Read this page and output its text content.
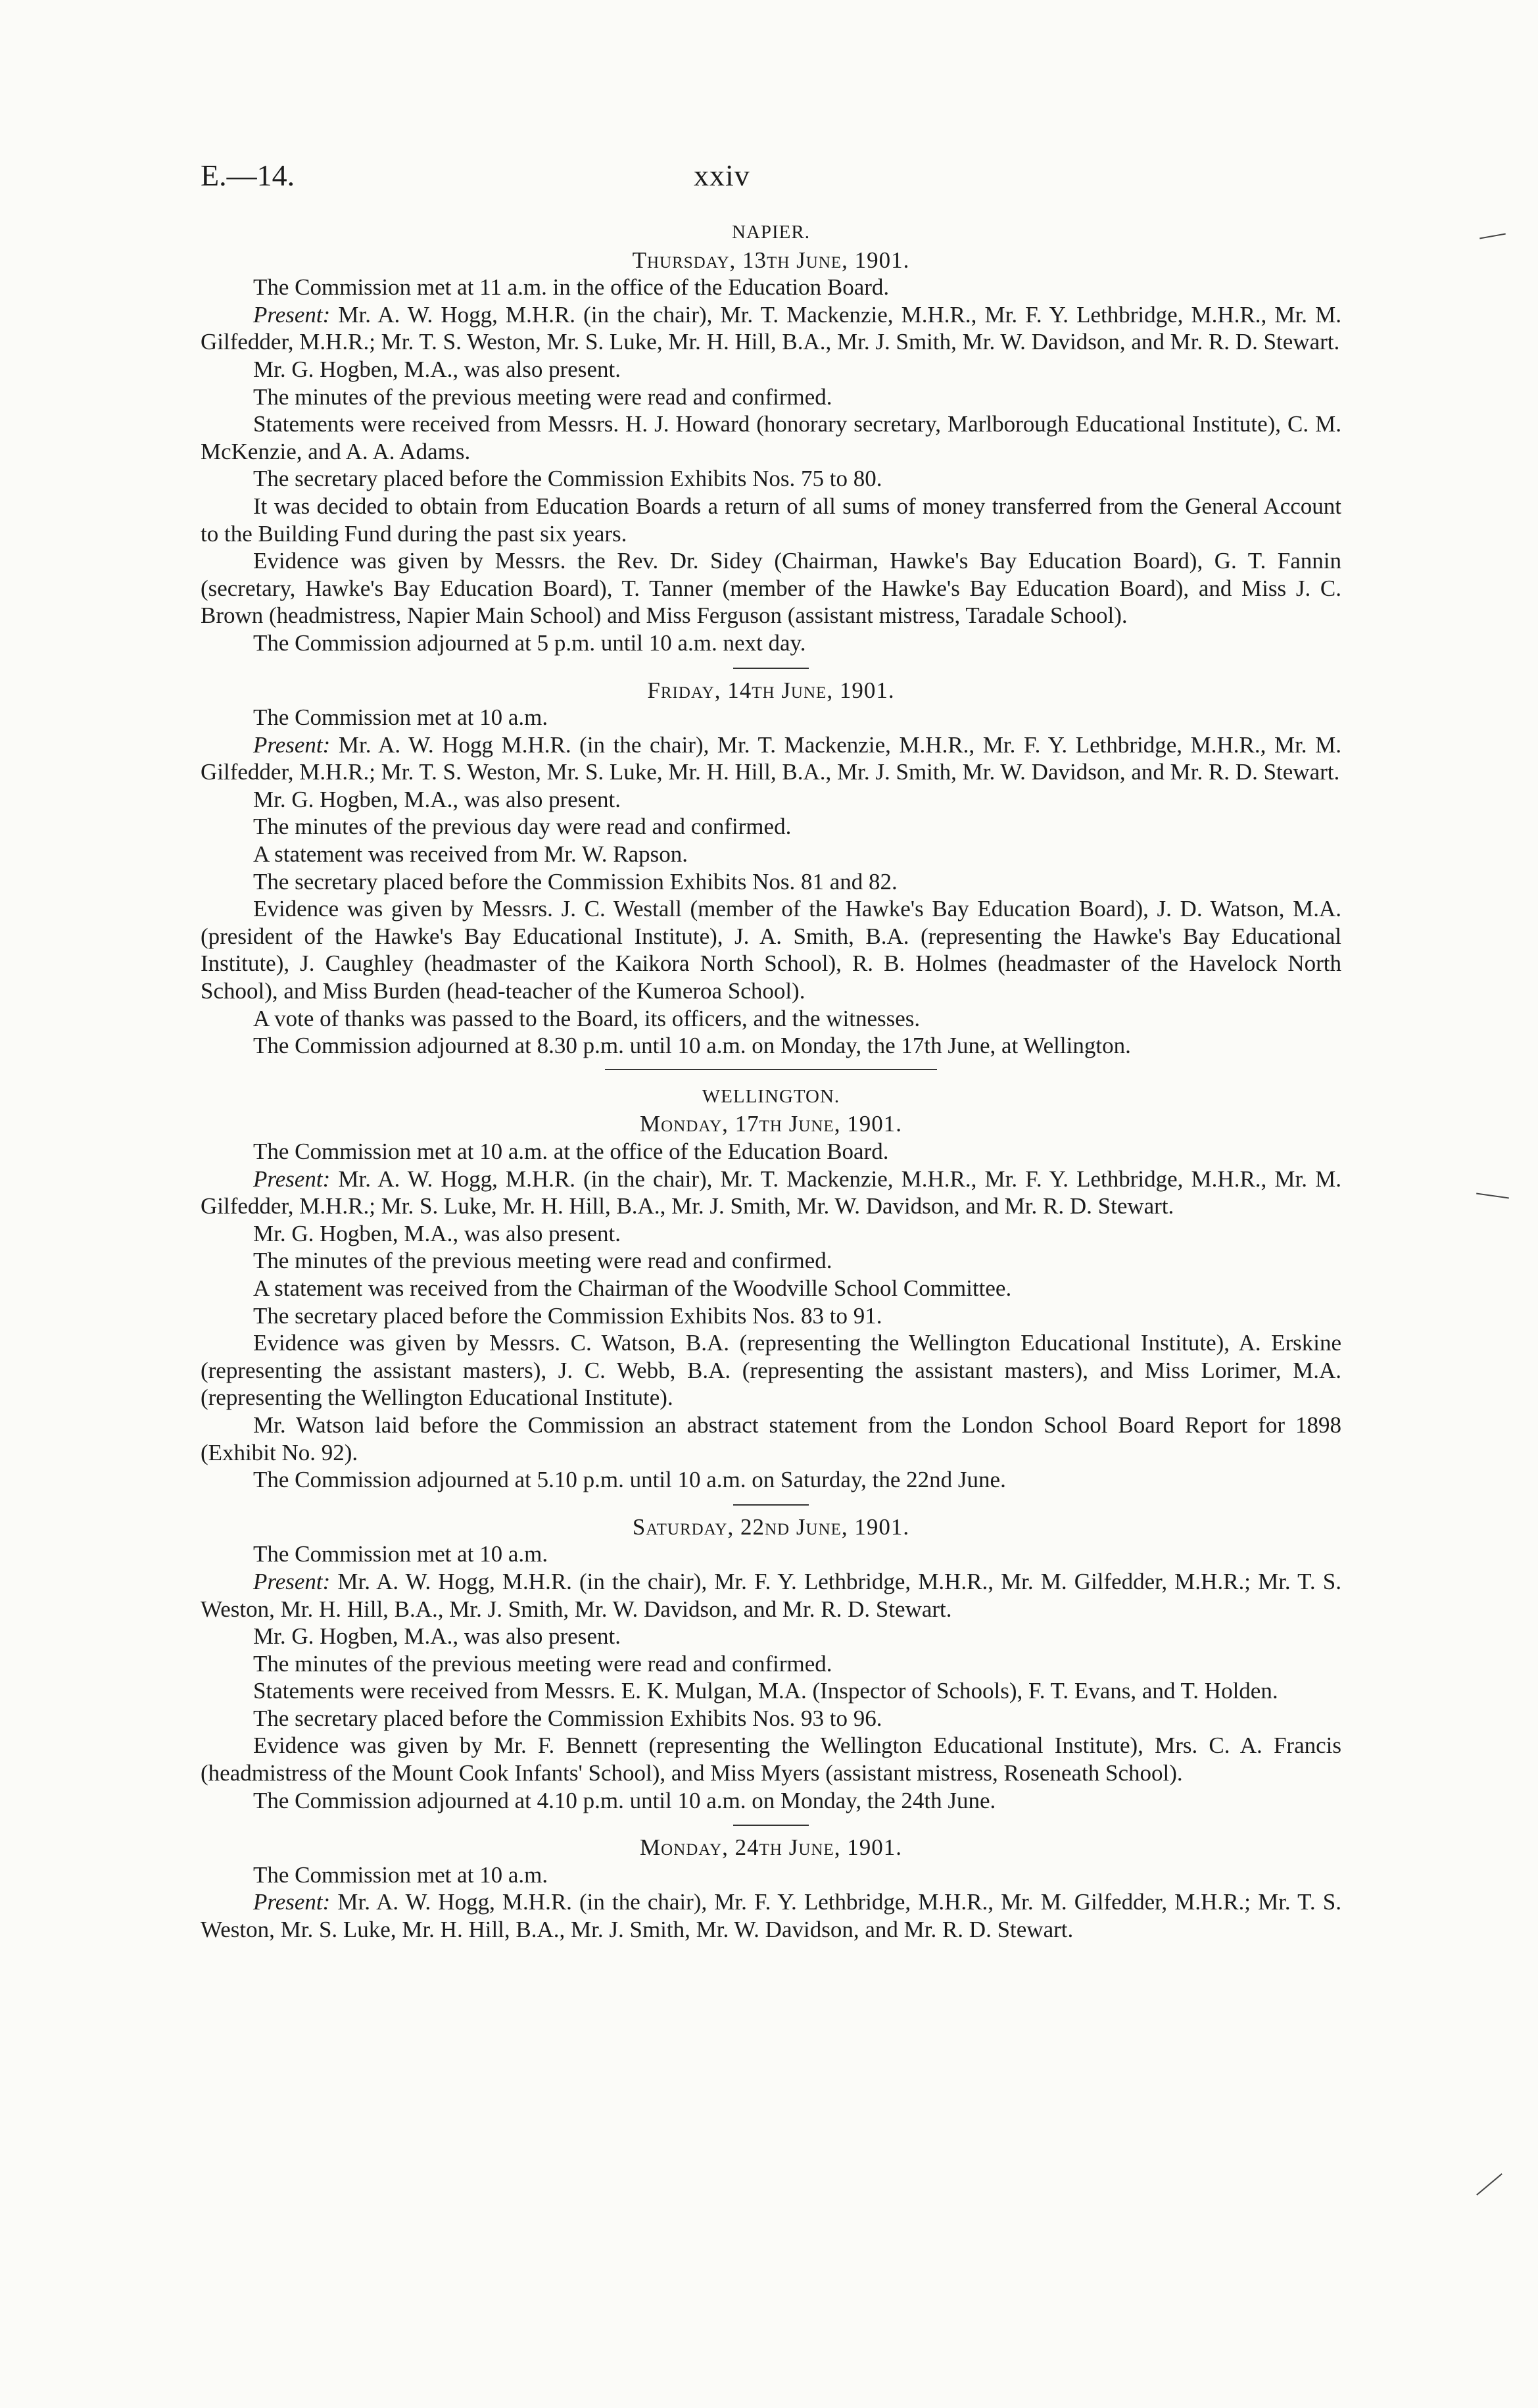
E.—14.	xxiv
NAPIER.
Thursday, 13th June, 1901.

The Commission met at 11 a.m. in the office of the Education Board.

Present: Mr. A. W. Hogg, M.H.R. (in the chair), Mr. T. Mackenzie, M.H.R., Mr. F. Y. Lethbridge, M.H.R., Mr. M. Gilfedder, M.H.R.; Mr. T. S. Weston, Mr. S. Luke, Mr. H. Hill, B.A., Mr. J. Smith, Mr. W. Davidson, and Mr. R. D. Stewart.

Mr. G. Hogben, M.A., was also present.

The minutes of the previous meeting were read and confirmed.

Statements were received from Messrs. H. J. Howard (honorary secretary, Marlborough Educational Institute), C. M. McKenzie, and A. A. Adams.

The secretary placed before the Commission Exhibits Nos. 75 to 80.

It was decided to obtain from Education Boards a return of all sums of money transferred from the General Account to the Building Fund during the past six years.

Evidence was given by Messrs. the Rev. Dr. Sidey (Chairman, Hawke's Bay Education Board), G. T. Fannin (secretary, Hawke's Bay Education Board), T. Tanner (member of the Hawke's Bay Education Board), and Miss J. C. Brown (headmistress, Napier Main School) and Miss Ferguson (assistant mistress, Taradale School).

The Commission adjourned at 5 p.m. until 10 a.m. next day.

Friday, 14th June, 1901.

The Commission met at 10 a.m.

Present: Mr. A. W. Hogg M.H.R. (in the chair), Mr. T. Mackenzie, M.H.R., Mr. F. Y. Lethbridge, M.H.R., Mr. M. Gilfedder, M.H.R.; Mr. T. S. Weston, Mr. S. Luke, Mr. H. Hill, B.A., Mr. J. Smith, Mr. W. Davidson, and Mr. R. D. Stewart.

Mr. G. Hogben, M.A., was also present.

The minutes of the previous day were read and confirmed.

A statement was received from Mr. W. Rapson.

The secretary placed before the Commission Exhibits Nos. 81 and 82.

Evidence was given by Messrs. J. C. Westall (member of the Hawke's Bay Education Board), J. D. Watson, M.A. (president of the Hawke's Bay Educational Institute), J. A. Smith, B.A. (representing the Hawke's Bay Educational Institute), J. Caughley (headmaster of the Kaikora North School), R. B. Holmes (headmaster of the Havelock North School), and Miss Burden (head-teacher of the Kumeroa School).

A vote of thanks was passed to the Board, its officers, and the witnesses.

The Commission adjourned at 8.30 p.m. until 10 a.m. on Monday, the 17th June, at Wellington.

WELLINGTON.
Monday, 17th June, 1901.

The Commission met at 10 a.m. at the office of the Education Board.

Present: Mr. A. W. Hogg, M.H.R. (in the chair), Mr. T. Mackenzie, M.H.R., Mr. F. Y. Lethbridge, M.H.R., Mr. M. Gilfedder, M.H.R.; Mr. S. Luke, Mr. H. Hill, B.A., Mr. J. Smith, Mr. W. Davidson, and Mr. R. D. Stewart.

Mr. G. Hogben, M.A., was also present.

The minutes of the previous meeting were read and confirmed.

A statement was received from the Chairman of the Woodville School Committee.

The secretary placed before the Commission Exhibits Nos. 83 to 91.

Evidence was given by Messrs. C. Watson, B.A. (representing the Wellington Educational Institute), A. Erskine (representing the assistant masters), J. C. Webb, B.A. (representing the assistant masters), and Miss Lorimer, M.A. (representing the Wellington Educational Institute).

Mr. Watson laid before the Commission an abstract statement from the London School Board Report for 1898 (Exhibit No. 92).

The Commission adjourned at 5.10 p.m. until 10 a.m. on Saturday, the 22nd June.

Saturday, 22nd June, 1901.

The Commission met at 10 a.m.

Present: Mr. A. W. Hogg, M.H.R. (in the chair), Mr. F. Y. Lethbridge, M.H.R., Mr. M. Gilfedder, M.H.R.; Mr. T. S. Weston, Mr. H. Hill, B.A., Mr. J. Smith, Mr. W. Davidson, and Mr. R. D. Stewart.

Mr. G. Hogben, M.A., was also present.

The minutes of the previous meeting were read and confirmed.

Statements were received from Messrs. E. K. Mulgan, M.A. (Inspector of Schools), F. T. Evans, and T. Holden.

The secretary placed before the Commission Exhibits Nos. 93 to 96.

Evidence was given by Mr. F. Bennett (representing the Wellington Educational Institute), Mrs. C. A. Francis (headmistress of the Mount Cook Infants' School), and Miss Myers (assistant mistress, Roseneath School).

The Commission adjourned at 4.10 p.m. until 10 a.m. on Monday, the 24th June.

Monday, 24th June, 1901.

The Commission met at 10 a.m.

Present: Mr. A. W. Hogg, M.H.R. (in the chair), Mr. F. Y. Lethbridge, M.H.R., Mr. M. Gilfedder, M.H.R.; Mr. T. S. Weston, Mr. S. Luke, Mr. H. Hill, B.A., Mr. J. Smith, Mr. W. Davidson, and Mr. R. D. Stewart.
